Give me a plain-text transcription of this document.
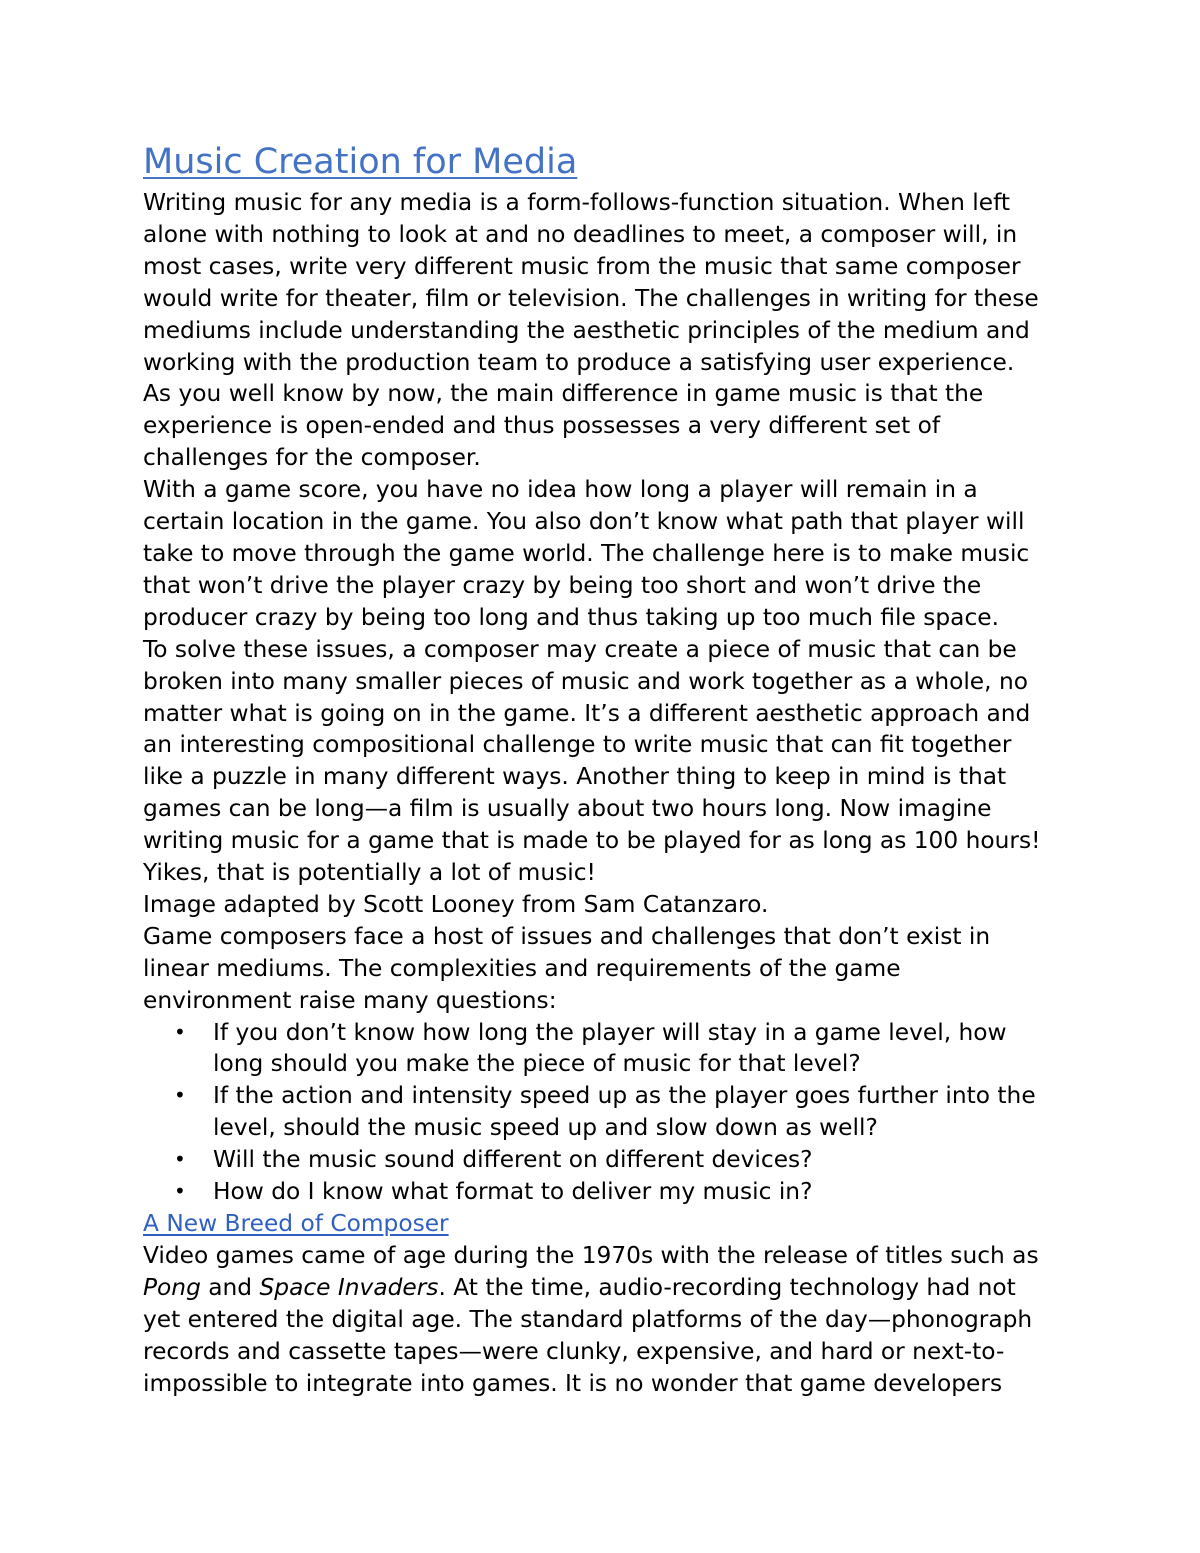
Music Creation for Media

Writing music for any media is a form-follows-function situation. When left
alone with nothing to look at and no deadlines to meet, a composer will, in
most cases, write very different music from the music that same composer
would write for theater, film or television. The challenges in writing for these
mediums include understanding the aesthetic principles of the medium and
working with the production team to produce a satisfying user experience.

As you well know by now, the main difference in game music is that the
experience is open-ended and thus possesses a very different set of
challenges for the composer.

With a game score, you have no idea how long a player will remain in a
certain location in the game. You also don’t know what path that player will
take to move through the game world. The challenge here is to make music
that won’t drive the player crazy by being too short and won’t drive the
producer crazy by being too long and thus taking up too much file space.

To solve these issues, a composer may create a piece of music that can be
broken into many smaller pieces of music and work together as a whole, no
matter what is going on in the game. It’s a different aesthetic approach and
an interesting compositional challenge to write music that can fit together
like a puzzle in many different ways. Another thing to keep in mind is that
games can be long—a film is usually about two hours long. Now imagine
writing music for a game that is made to be played for as long as 100 hours!
Yikes, that is potentially a lot of music!

Image adapted by Scott Looney from Sam Catanzaro.

Game composers face a host of issues and challenges that don’t exist in
linear mediums. The complexities and requirements of the game
environment raise many questions:

• If you don’t know how long the player will stay in a game level, how
long should you make the piece of music for that level?
• If the action and intensity speed up as the player goes further into the
level, should the music speed up and slow down as well?
• Will the music sound different on different devices?
• How do I know what format to deliver my music in?
A New Breed of Composer

Video games came of age during the 1970s with the release of titles such as
Pong and Space Invaders. At the time, audio-recording technology had not
yet entered the digital age. The standard platforms of the day—phonograph
records and cassette tapes—were clunky, expensive, and hard or next-to-
impossible to integrate into games. It is no wonder that game developers
